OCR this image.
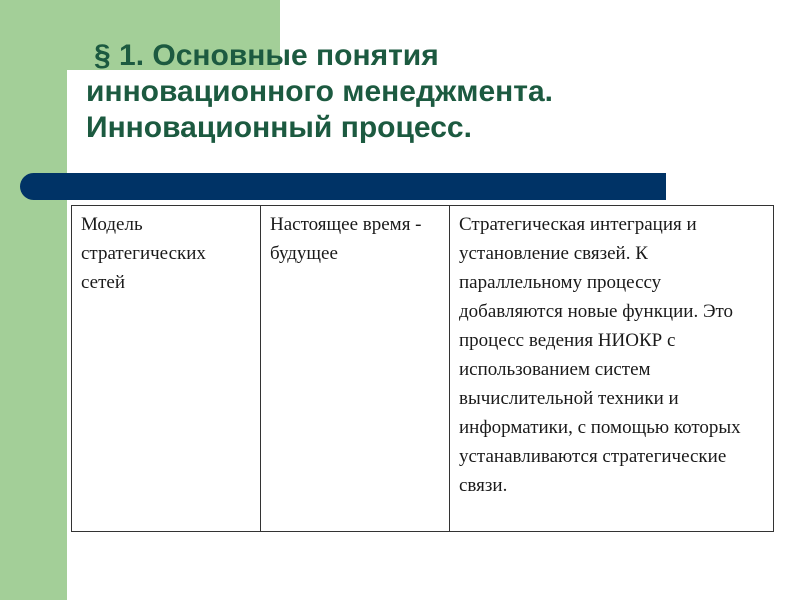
§ 1. Основные понятия
инновационного менеджмента.
Инновационный процесс.
Модель стратегических сетей	Настоящее время - будущее	Стратегическая интеграция и установление связей. К параллельному процессу добавляются новые функции. Это процесс ведения НИОКР с использованием систем вычислительной техники и информатики, с помощью которых устанавливаются стратегические связи.
